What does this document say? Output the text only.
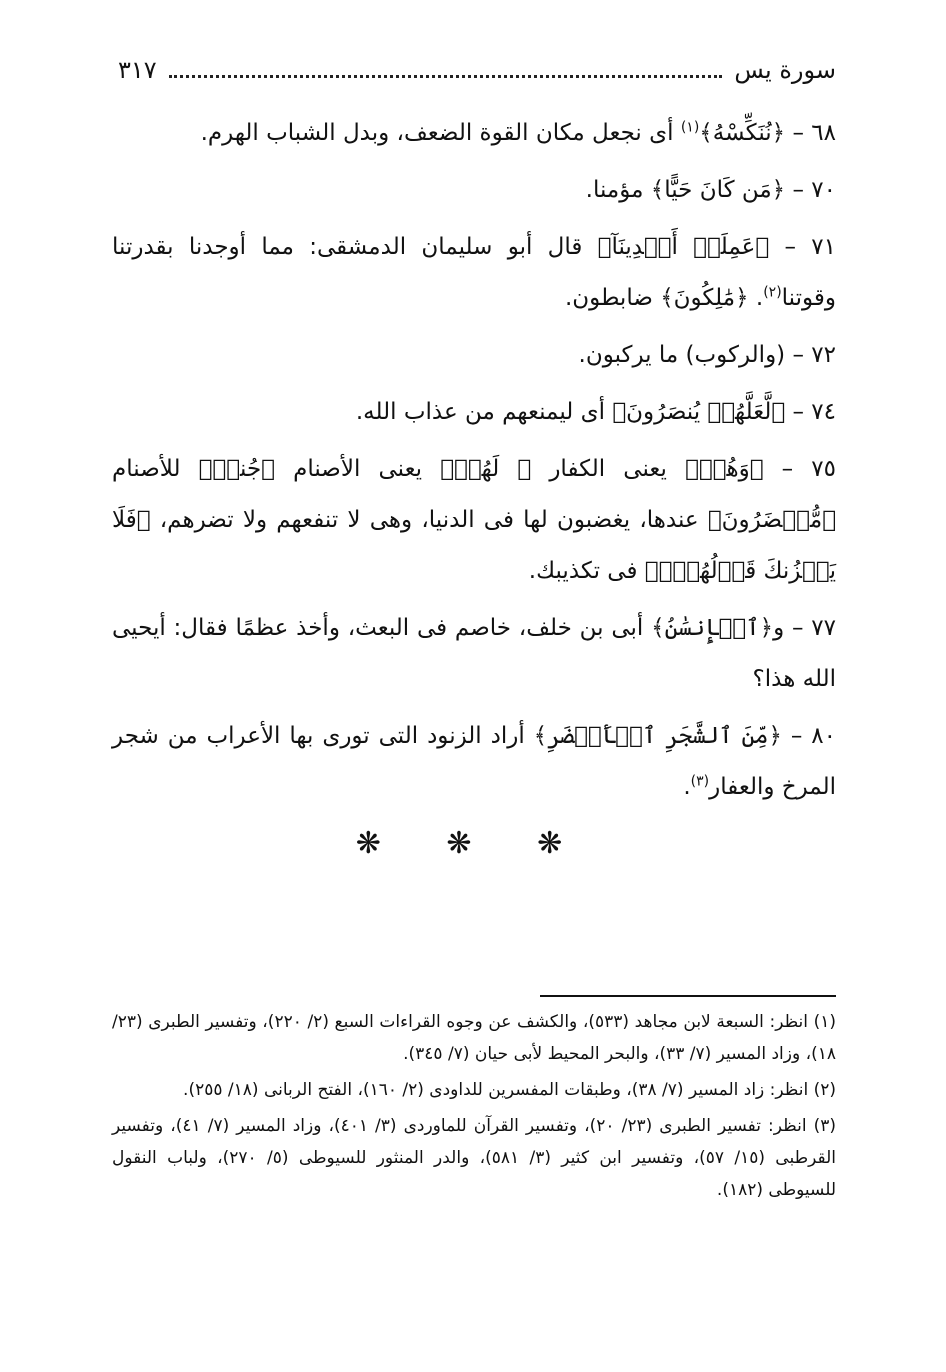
سورة يس
٣١٧

٦٨ – ﴿نُنَكِّسْهُ﴾$^{(١)}$ أى نجعل مكان القوة الضعف، وبدل الشباب الهرم.

٧٠ – ﴿مَن كَانَ حَيًّا﴾ مؤمنا.

٧١ – ﴿عَمِلَتۡ أَيۡدِينَآ﴾ قال أبو سليمان الدمشقى: مما أوجدنا بقدرتنا وقوتنا$^{(٢)}$. ﴿مَٰلِكُونَ﴾ ضابطون.

٧٢ – (والركوب) ما يركبون.

٧٤ – ﴿لَّعَلَّهُمۡ يُنصَرُونَ﴾ أى ليمنعهم من عذاب الله.

٧٥ – ﴿وَهُمۡ﴾ يعنى الكفار ﴿ لَهُمۡ﴾ يعنى الأصنام ﴿جُندٞ﴾ للأصنام ﴿مُّحۡضَرُونَ﴾ عندها، يغضبون لها فى الدنيا، وهى لا تنفعهم ولا تضرهم، ﴿فَلَا يَحۡزُنكَ قَوۡلُهُمۡۘ﴾ فى تكذيبك.

٧٧ – و﴿ٱلۡإِنسَٰنُ﴾ أبى بن خلف، خاصم فى البعث، وأخذ عظمًا فقال: أيحيى الله هذا؟

٨٠ – ﴿مِّنَ ٱلشَّجَرِ ٱلۡأَخۡضَرِ﴾ أراد الزنود التى تورى بها الأعراب من شجر المرخ والعفار$^{(٣)}$.

❋ ❋ ❋

(١) انظر: السبعة لابن مجاهد (٥٣٣)، والكشف عن وجوه القراءات السبع (٢/ ٢٢٠)، وتفسير الطبرى (٢٣/ ١٨)، وزاد المسير (٧/ ٣٣)، والبحر المحيط لأبى حيان (٧/ ٣٤٥).

(٢) انظر: زاد المسير (٧/ ٣٨)، وطبقات المفسرين للداودى (٢/ ١٦٠)، الفتح الربانى (١٨/ ٢٥٥).

(٣) انظر: تفسير الطبرى (٢٣/ ٢٠)، وتفسير القرآن للماوردى (٣/ ٤٠١)، وزاد المسير (٧/ ٤١)، وتفسير القرطبى (١٥/ ٥٧)، وتفسير ابن كثير (٣/ ٥٨١)، والدر المنثور للسيوطى (٥/ ٢٧٠)، ولباب النقول للسيوطى (١٨٢).
